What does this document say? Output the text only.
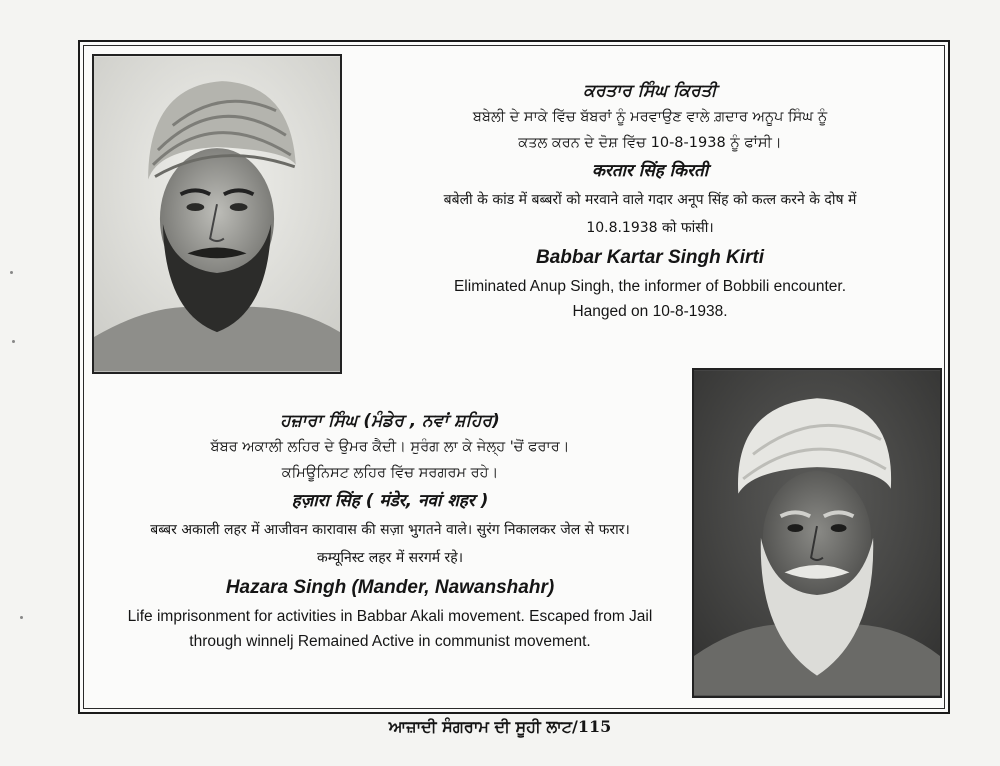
ਕਰਤਾਰ ਸਿੰਘ ਕਿਰਤੀ
ਬਬੇਲੀ ਦੇ ਸਾਕੇ ਵਿੱਚ ਬੱਬਰਾਂ ਨੂੰ ਮਰਵਾਉਣ ਵਾਲੇ ਗ਼ਦਾਰ ਅਨੂਪ ਸਿੰਘ ਨੂੰ
ਕਤਲ ਕਰਨ ਦੇ ਦੋਸ਼ ਵਿੱਚ 10-8-1938 ਨੂੰ ਫਾਂਸੀ।
करतार सिंह किरती
बबेली के कांड में बब्बरों को मरवाने वाले गदार अनूप सिंह को कत्ल करने के दोष में
10.8.1938 को फांसी।
Babbar Kartar Singh Kirti
Eliminated Anup Singh, the informer of Bobbili encounter.
Hanged on 10-8-1938.
ਹਜ਼ਾਰਾ ਸਿੰਘ (ਮੰਡੇਰ , ਨਵਾਂ ਸ਼ਹਿਰ)
ਬੱਬਰ ਅਕਾਲੀ ਲਹਿਰ ਦੇ ਉਮਰ ਕੈਦੀ। ਸੁਰੰਗ ਲਾ ਕੇ ਜੇਲ੍ਹ 'ਚੋਂ ਫਰਾਰ।
ਕਮਿਊਨਿਸਟ ਲਹਿਰ ਵਿੱਚ ਸਰਗਰਮ ਰਹੇ।
हज़ारा सिंह ( मंडेर, नवां शहर )
बब्बर अकाली लहर में आजीवन कारावास की सज़ा भुगतने वाले। सुरंग निकालकर जेल से फरार।
कम्यूनिस्ट लहर में सरगर्म रहे।
Hazara Singh (Mander, Nawanshahr)
Life imprisonment for activities in Babbar Akali movement. Escaped from Jail
through winnelj Remained Active in communist movement.
ਆਜ਼ਾਦੀ ਸੰਗਰਾਮ ਦੀ ਸੂਹੀ ਲਾਟ/115
